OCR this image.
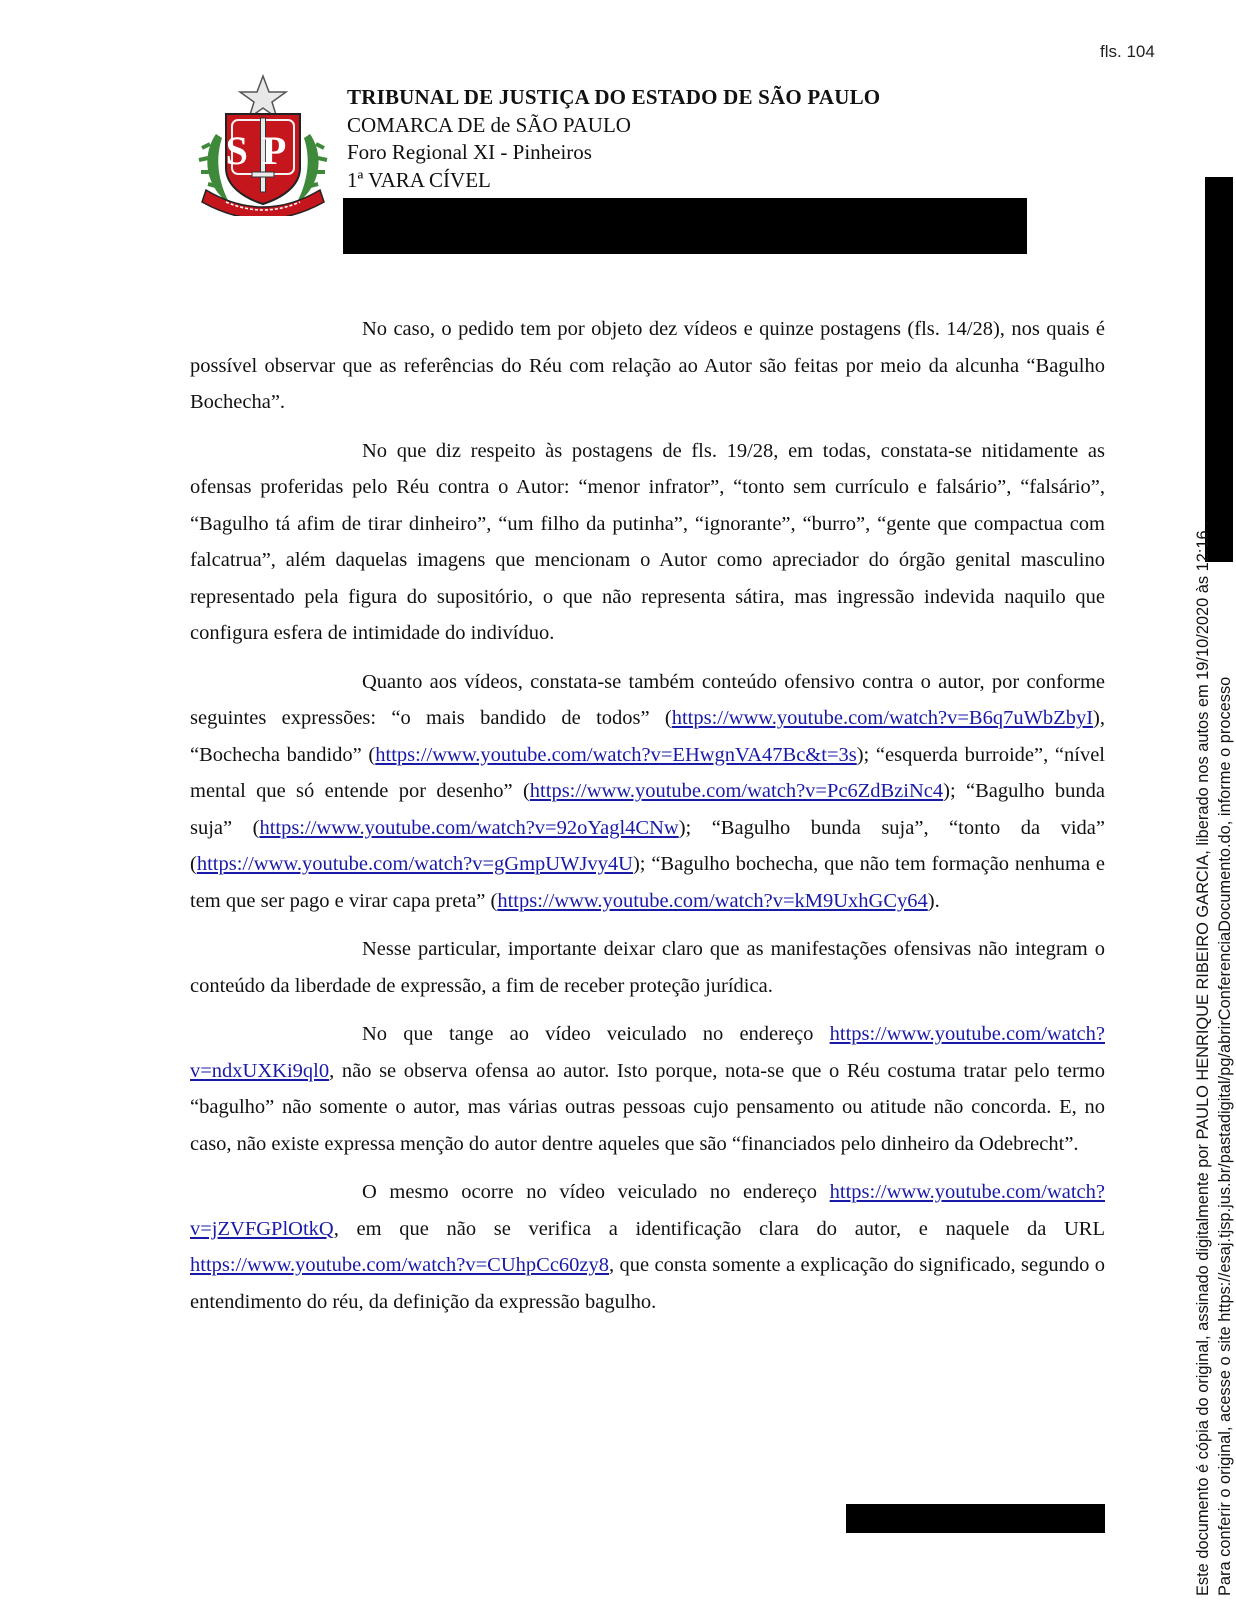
fls. 104
SP
TRIBUNAL DE JUSTIÇA DO ESTADO DE SÃO PAULO
COMARCA DE de SÃO PAULO
Foro Regional XI - Pinheiros
1ª VARA CÍVEL

No caso, o pedido tem por objeto dez vídeos e quinze postagens (fls. 14/28), nos quais é possível observar que as referências do Réu com relação ao Autor são feitas por meio da alcunha “Bagulho Bochecha”.

No que diz respeito às postagens de fls. 19/28, em todas, constata-se nitidamente as ofensas proferidas pelo Réu contra o Autor: “menor infrator”, “tonto sem currículo e falsário”, “falsário”, “Bagulho tá afim de tirar dinheiro”, “um filho da putinha”, “ignorante”, “burro”, “gente que compactua com falcatrua”, além daquelas imagens que mencionam o Autor como apreciador do órgão genital masculino representado pela figura do supositório, o que não representa sátira, mas ingressão indevida naquilo que configura esfera de intimidade do indivíduo.

Quanto aos vídeos, constata-se também conteúdo ofensivo contra o autor, por conforme seguintes expressões: “o mais bandido de todos” (https://www.youtube.com/watch?v=B6q7uWbZbyI), “Bochecha bandido” (https://www.youtube.com/watch?v=EHwgnVA47Bc&t=3s); “esquerda burroide”, “nível mental que só entende por desenho” (https://www.youtube.com/watch?v=Pc6ZdBziNc4); “Bagulho bunda suja” (https://www.youtube.com/watch?v=92oYagl4CNw); “Bagulho bunda suja”, “tonto da vida” (https://www.youtube.com/watch?v=gGmpUWJvy4U); “Bagulho bochecha, que não tem formação nenhuma e tem que ser pago e virar capa preta” (https://www.youtube.com/watch?v=kM9UxhGCy64).

Nesse particular, importante deixar claro que as manifestações ofensivas não integram o conteúdo da liberdade de expressão, a fim de receber proteção jurídica.

No que tange ao vídeo veiculado no endereço https://www.youtube.com/watch?v=ndxUXKi9ql0, não se observa ofensa ao autor. Isto porque, nota-se que o Réu costuma tratar pelo termo “bagulho” não somente o autor, mas várias outras pessoas cujo pensamento ou atitude não concorda. E, no caso, não existe expressa menção do autor dentre aqueles que são “financiados pelo dinheiro da Odebrecht”.

O mesmo ocorre no vídeo veiculado no endereço https://www.youtube.com/watch?v=jZVFGPlOtkQ, em que não se verifica a identificação clara do autor, e naquele da URL https://www.youtube.com/watch?v=CUhpCc60zy8, que consta somente a explicação do significado, segundo o entendimento do réu, da definição da expressão bagulho.	Este documento é cópia do original, assinado digitalmente por PAULO HENRIQUE RIBEIRO GARCIA, liberado nos autos em 19/10/2020 às 12:16 . Para conferir o original, acesse o site https://esaj.tjsp.jus.br/pastadigital/pg/abrirConferenciaDocumento.do, informe o processo
